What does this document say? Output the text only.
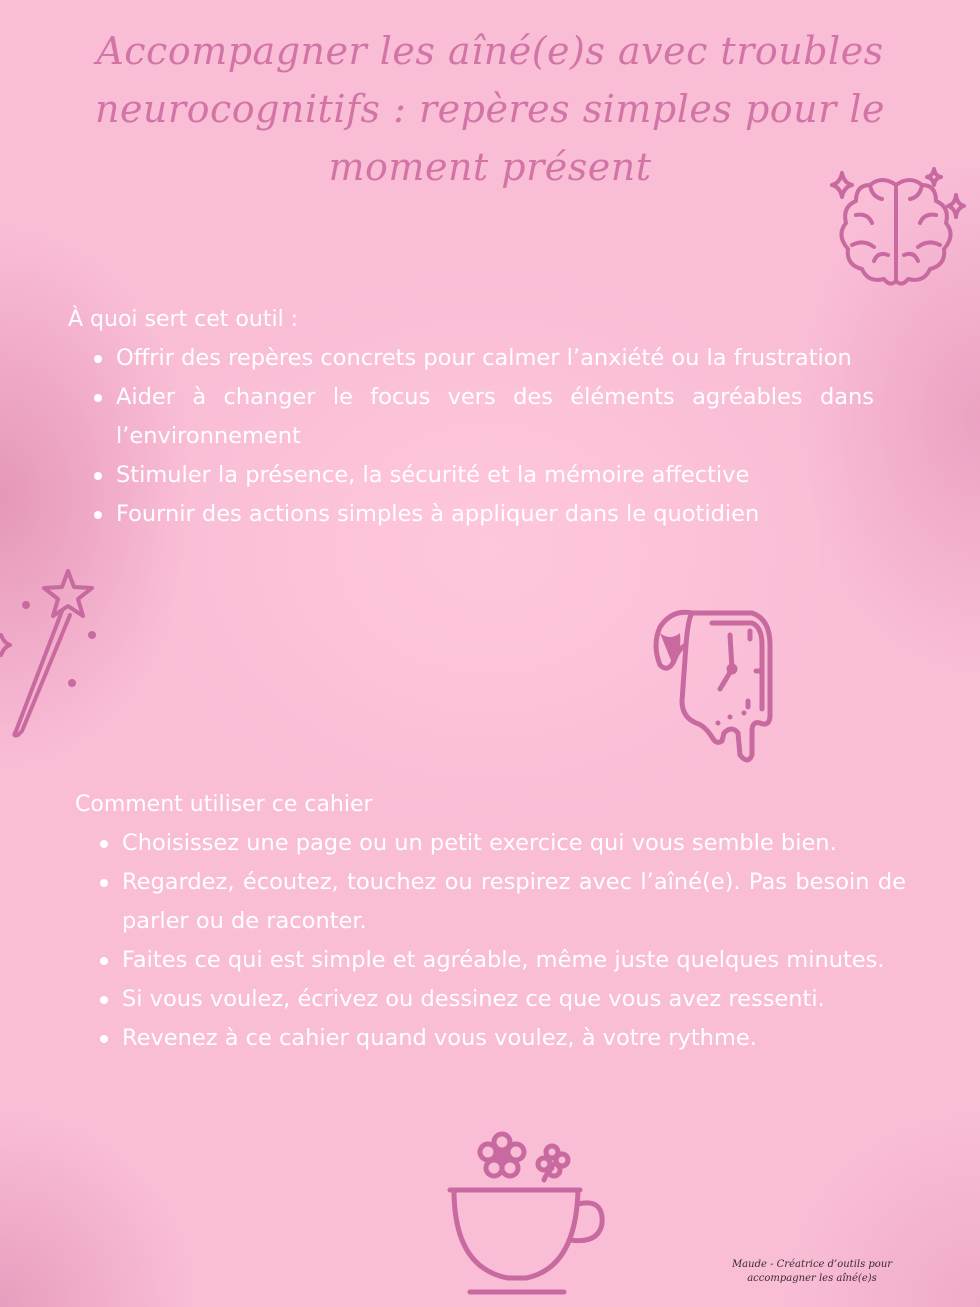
Accompagner les aîné(e)s avec troubles neurocognitifs : repères simples pour le moment présent
À quoi sert cet outil :
Offrir des repères concrets pour calmer l’anxiété ou la frustration
Aider à changer le focus vers des éléments agréables dans l’environnement
Stimuler la présence, la sécurité et la mémoire affective
Fournir des actions simples à appliquer dans le quotidien
Comment utiliser ce cahier
Choisissez une page ou un petit exercice qui vous semble bien.
Regardez, écoutez, touchez ou respirez avec l’aîné(e). Pas besoin de parler ou de raconter.
Faites ce qui est simple et agréable, même juste quelques minutes.
Si vous voulez, écrivez ou dessinez ce que vous avez ressenti.
Revenez à ce cahier quand vous voulez, à votre rythme.
Maude - Créatrice d’outils pour
accompagner les aîné(e)s
